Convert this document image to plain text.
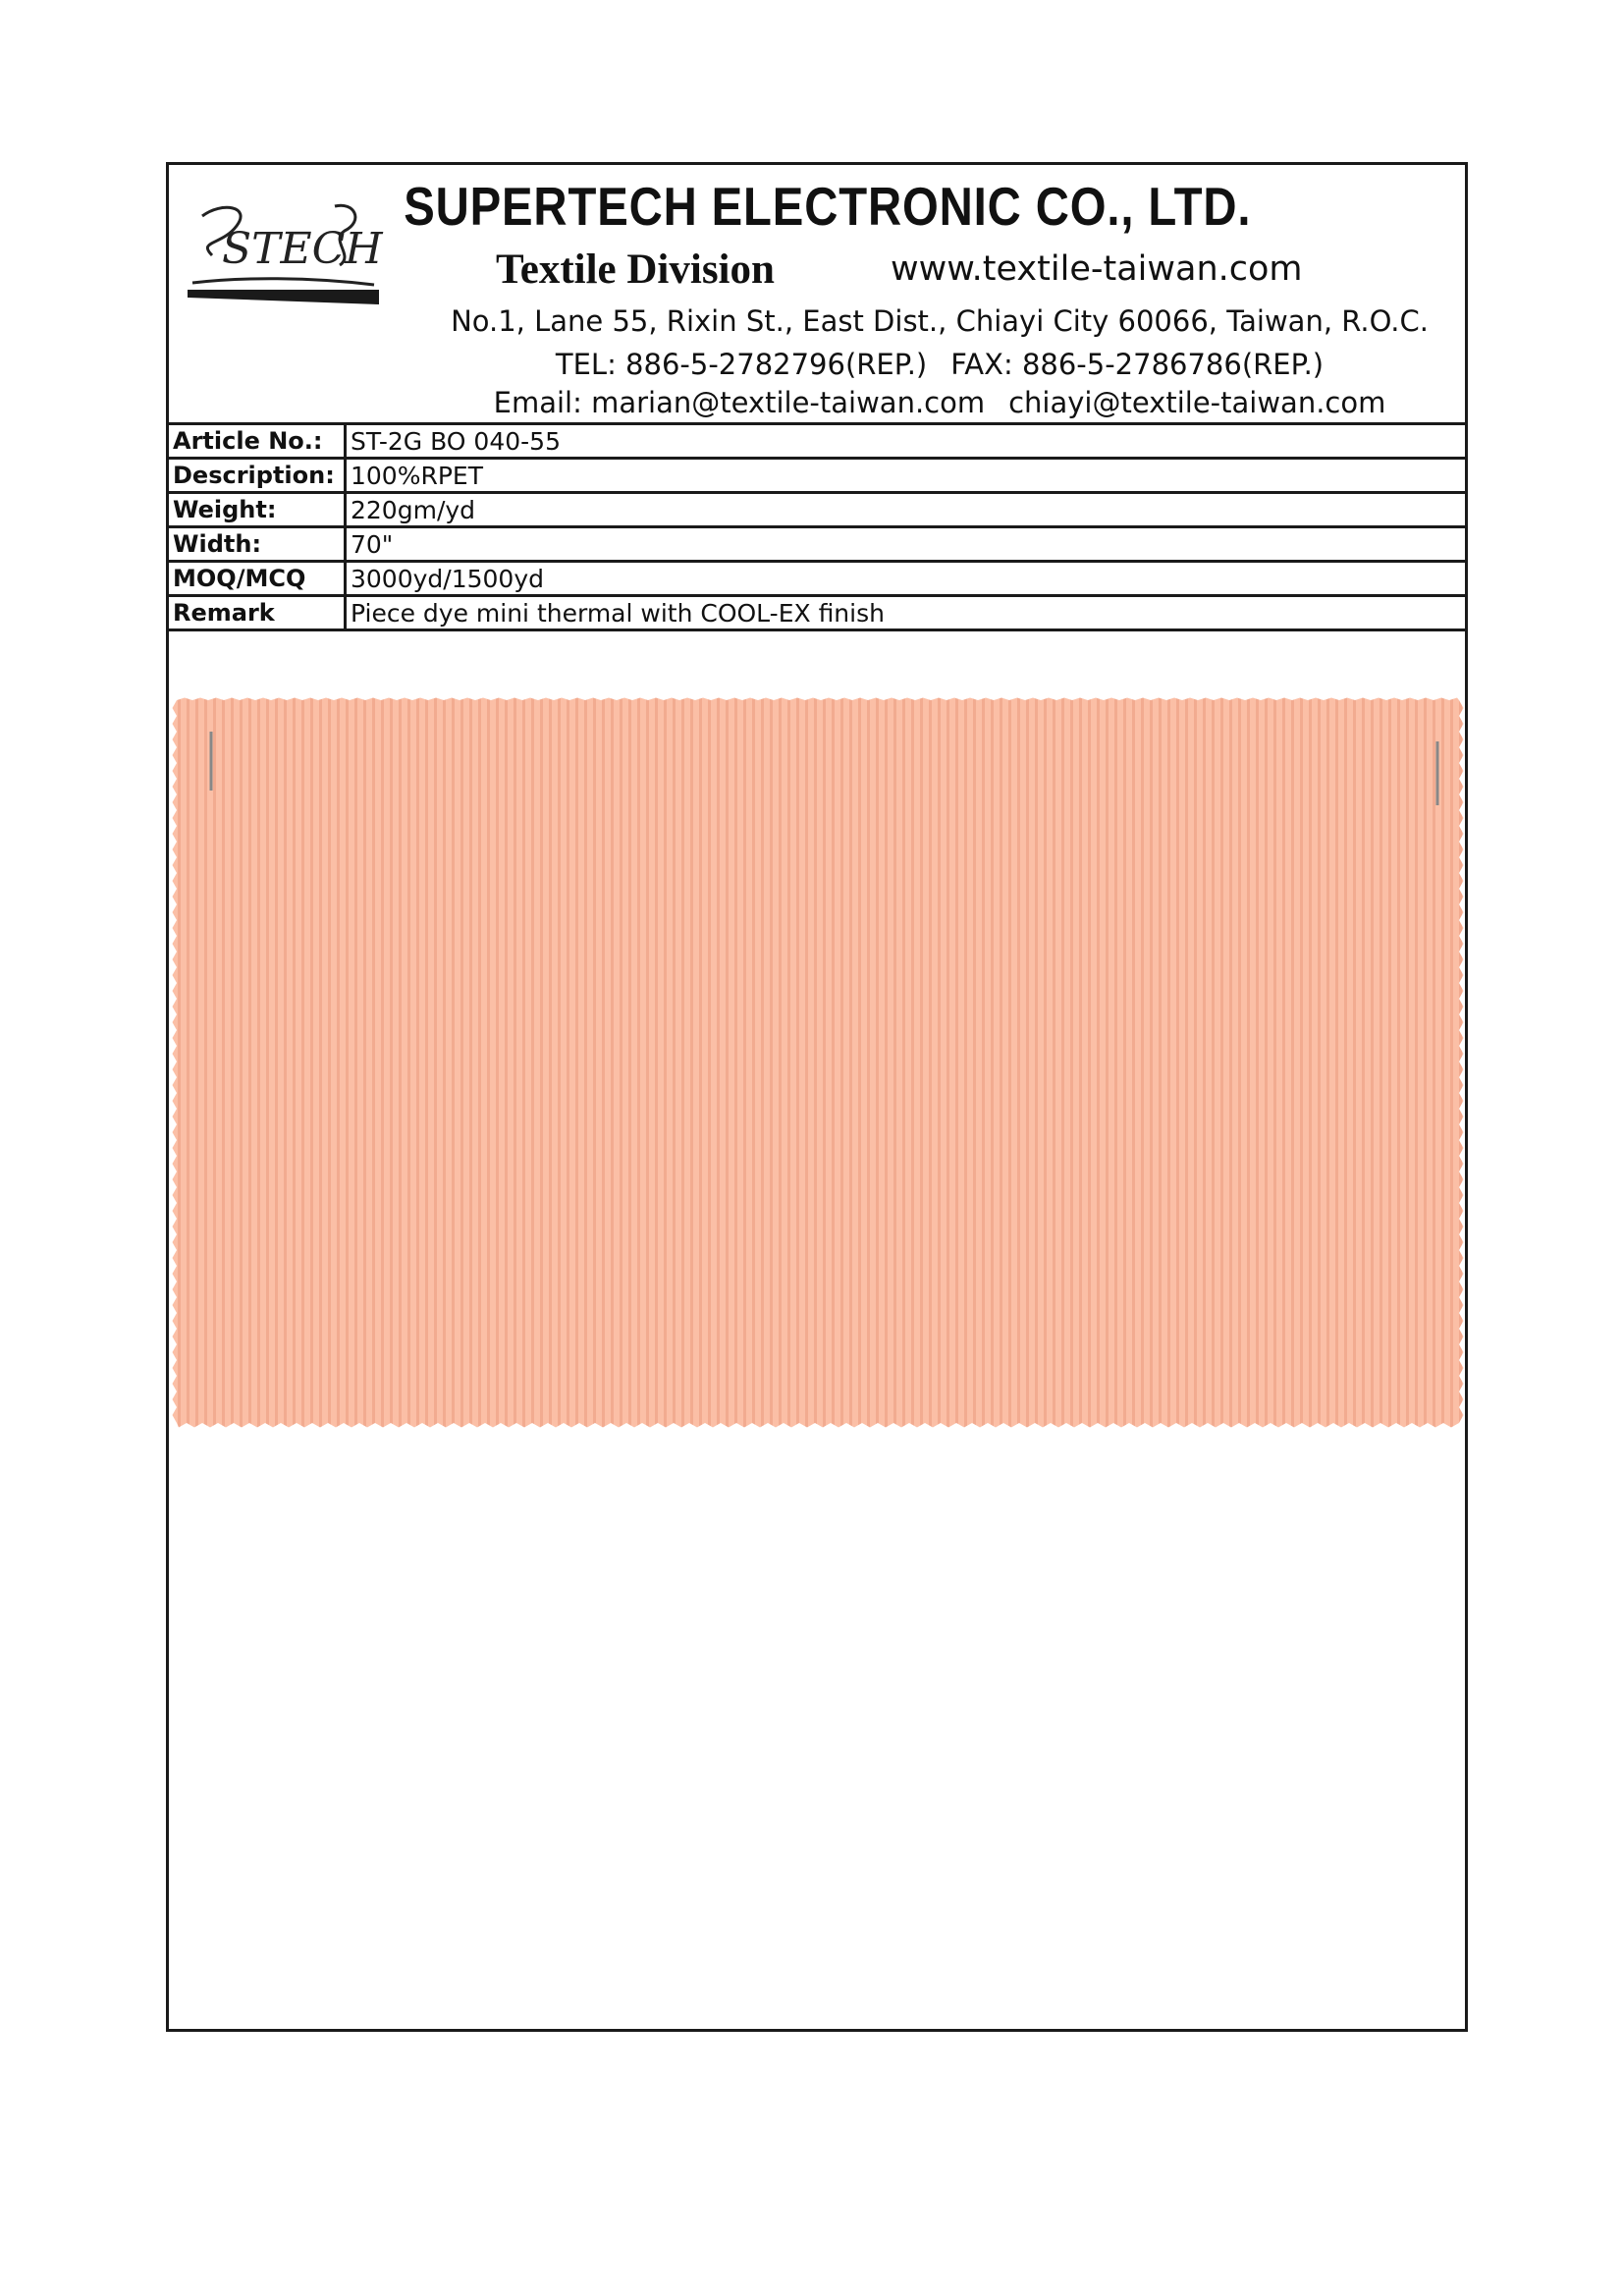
STECH
SUPERTECH ELECTRONIC CO., LTD.
Textile Division	www.textile-taiwan.com
No.1, Lane 55, Rixin St., East Dist., Chiayi City 60066, Taiwan, R.O.C.
TEL: 886-5-2782796(REP.) FAX: 886-5-2786786(REP.)
Email: marian@textile-taiwan.com chiayi@textile-taiwan.com
Article No.:	ST-2G BO 040-55
Description:	100%RPET
Weight:	220gm/yd
Width:	70"
MOQ/MCQ	3000yd/1500yd
Remark	Piece dye mini thermal with COOL-EX finish
